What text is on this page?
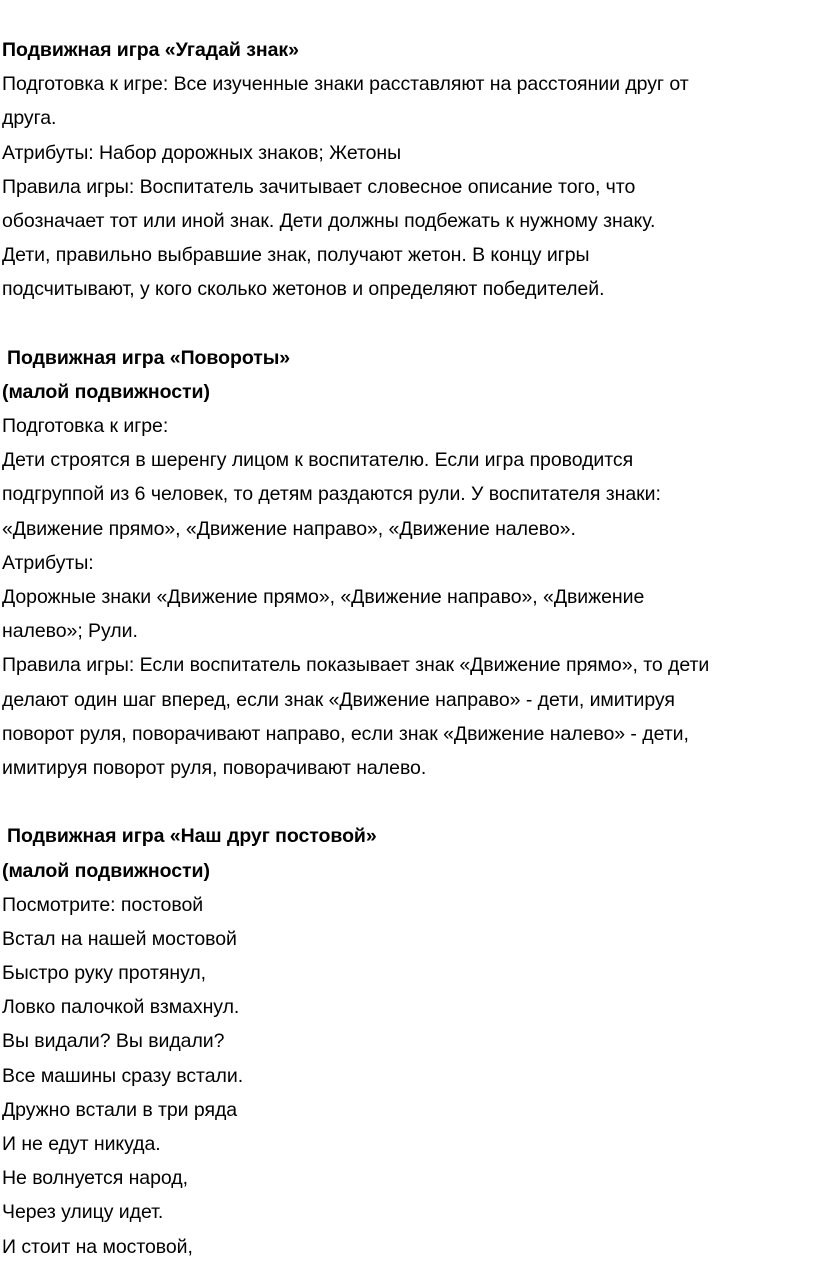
Подвижная игра «Угадай знак»
Подготовка к игре: Все изученные знаки расставляют на расстоянии друг от
друга.
Атрибуты: Набор дорожных знаков; Жетоны
Правила игры: Воспитатель зачитывает словесное описание того, что
обозначает тот или иной знак. Дети должны подбежать к нужному знаку.
Дети, правильно выбравшие знак, получают жетон. В концу игры
подсчитывают, у кого сколько жетонов и определяют победителей.
Подвижная игра «Повороты»
(малой подвижности)
Подготовка к игре:
Дети строятся в шеренгу лицом к воспитателю. Если игра проводится
подгруппой из 6 человек, то детям раздаются рули. У воспитателя знаки:
«Движение прямо», «Движение направо», «Движение налево».
Атрибуты:
Дорожные знаки «Движение прямо», «Движение направо», «Движение
налево»; Рули.
Правила игры: Если воспитатель показывает знак «Движение прямо», то дети
делают один шаг вперед, если знак «Движение направо» - дети, имитируя
поворот руля, поворачивают направо, если знак «Движение налево» - дети,
имитируя поворот руля, поворачивают налево.
Подвижная игра «Наш друг постовой»
(малой подвижности)
Посмотрите: постовой
Встал на нашей мостовой
Быстро руку протянул,
Ловко палочкой взмахнул.
Вы видали? Вы видали?
Все машины сразу встали.
Дружно встали в три ряда
И не едут никуда.
Не волнуется народ,
Через улицу идет.
И стоит на мостовой,
